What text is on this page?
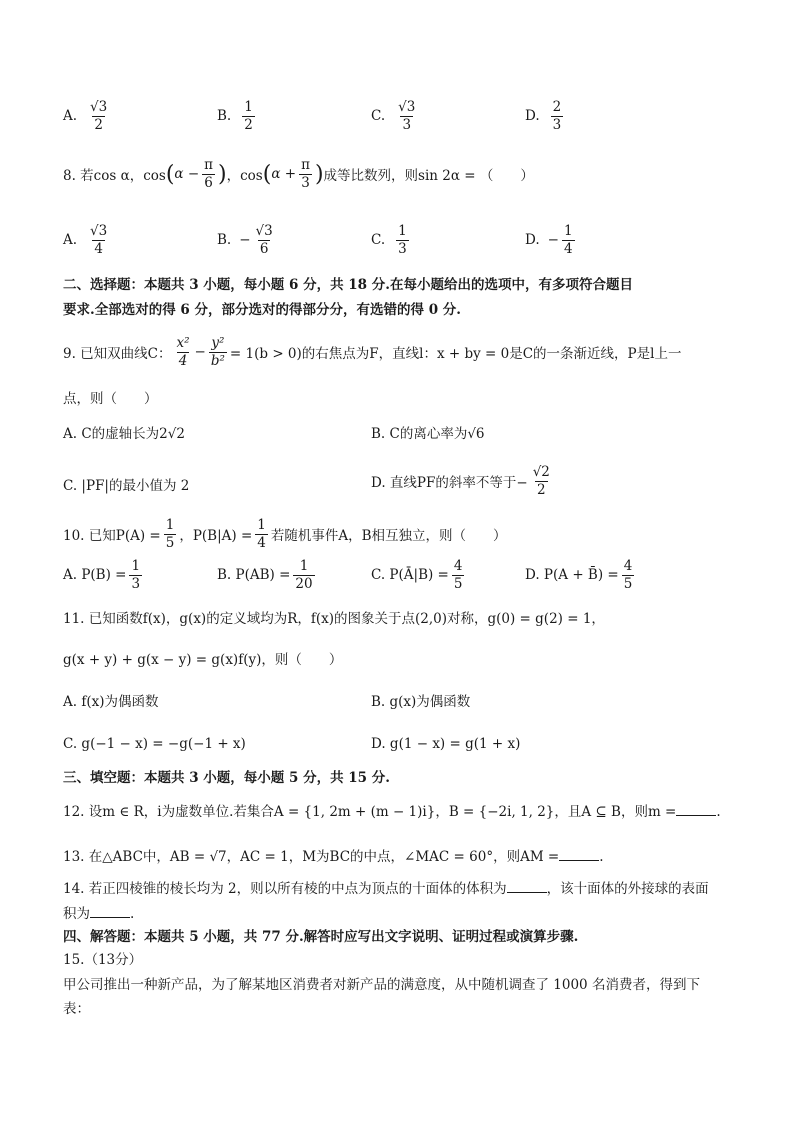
A. $\frac{√3}{2}$	B. $\frac{1}{2}$	C. $\frac{√3}{3}$	D. $\frac{2}{3}$
8. 若cos α，cos ( $\alpha - \frac{\pi}{6}$ ) ，cos ( $\alpha + \frac{\pi}{3}$ ) 成等比数列，则sin 2α = （　　）
A. $\frac{√3}{4}$	B. − $\frac{√3}{6}$	C. $\frac{1}{3}$	D. − $\frac{1}{4}$
二、选择题：本题共 3 小题，每小题 6 分，共 18 分.在每小题给出的选项中，有多项符合题目
要求.全部选对的得 6 分，部分选对的得部分分，有选错的得 0 分.
9. 已知双曲线C： $\frac{\text{x²}}{4} - \frac{\text{y²}}{\text{b²}} = 1(b > 0)$的右焦点为F，直线l：x + by = 0是C的一条渐近线，P是l上一
点，则（　　）
A. C的虚轴长为2√2	B. C的离心率为√6
C. |PF|的最小值为 2	D. 直线PF的斜率不等于− $\frac{√2}{2}$
10. 已知$P(A) = \frac{1}{5}$ ，$P(B|A) = \frac{1}{4}$ 若随机事件A，B相互独立，则（　　）
A. $P(B) = \frac{1}{3}$	B. $P(AB) = \frac{1}{20}$	C. P(Ā|B) = $\frac{4}{5}$	D. P(A + B̄) = $\frac{4}{5}$
11. 已知函数f(x)，g(x)的定义域均为R，f(x)的图象关于点(2,0)对称，g(0) = g(2) = 1，
g(x + y) + g(x − y) = g(x)f(y)，则（　　）
A. f(x)为偶函数	B. g(x)为偶函数
C. g(−1 − x) = −g(−1 + x)	D. g(1 − x) = g(1 + x)
三、填空题：本题共 3 小题，每小题 5 分，共 15 分.
12. 设m ∈ R，i为虚数单位.若集合A = {1, 2m + (m − 1)i}，B = {−2i, 1, 2}，且A ⊆ B，则m =	.
13. 在△ABC中，AB = √7，AC = 1，M为BC的中点，∠MAC = 60°，则AM =	.
14. 若正四棱锥的棱长均为 2，则以所有棱的中点为顶点的十面体的体积为	，该十面体的外接球的表面
积为	.
四、解答题：本题共 5 小题，共 77 分.解答时应写出文字说明、证明过程或演算步骤.
15.（13分）
甲公司推出一种新产品，为了解某地区消费者对新产品的满意度，从中随机调查了 1000 名消费者，得到下
表：
